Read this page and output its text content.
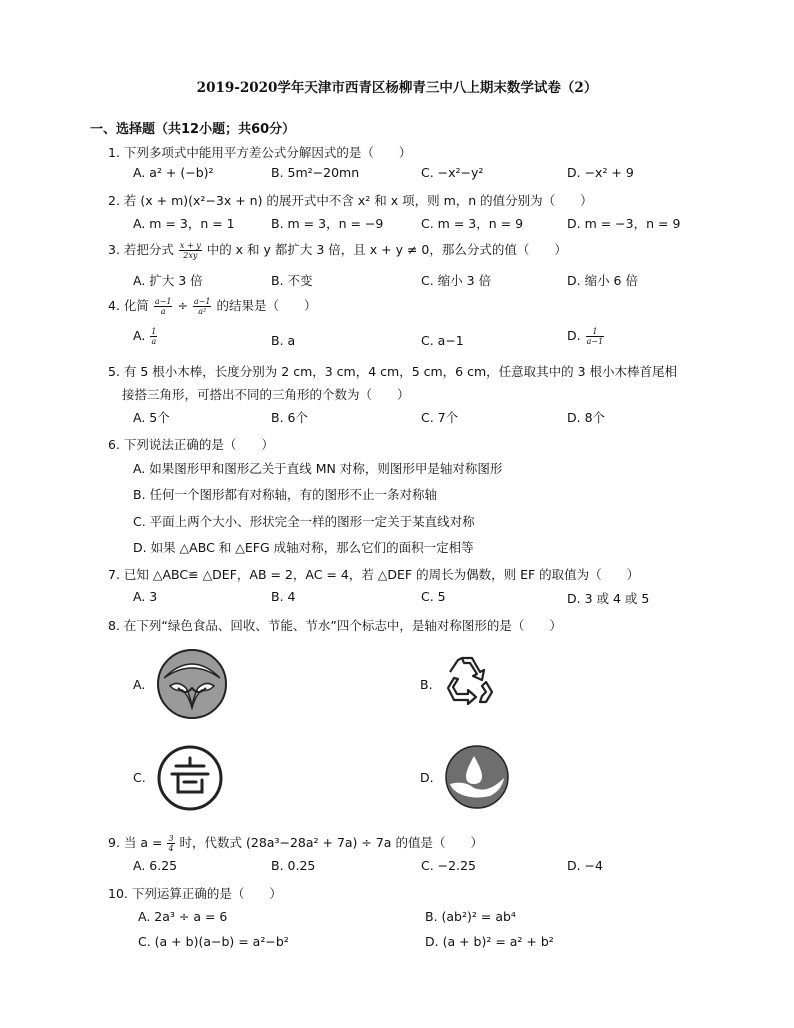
2019-2020学年天津市西青区杨柳青三中八上期末数学试卷（2）
一、选择题（共12小题；共60分）
1. 下列多项式中能用平方差公式分解因式的是（　　）
A. a² + (−b)²	B. 5m²−20mn	C. −x²−y²	D. −x² + 9
2. 若 (x + m)(x²−3x + n) 的展开式中不含 x² 和 x 项，则 m，n 的值分别为（　　）
A. m = 3，n = 1	B. m = 3，n = −9	C. m = 3，n = 9	D. m = −3，n = 9
3. 若把分式 $\frac{x + y}{2xy}$ 中的 x 和 y 都扩大 3 倍，且 x + y ≠ 0，那么分式的值（　　）
A. 扩大 3 倍	B. 不变	C. 缩小 3 倍	D. 缩小 6 倍
4. 化简 $\frac{a-1}{a} \div \frac{a-1}{\text{a²}}$ 的结果是（　　）
A. $\frac{1}{a}$	B. a	C. a−1	D. $\frac{1}{a-1}$
5. 有 5 根小木棒，长度分别为 2 cm，3 cm，4 cm，5 cm，6 cm，任意取其中的 3 根小木棒首尾相
接搭三角形，可搭出不同的三角形的个数为（　　）
A. 5个	B. 6个	C. 7个	D. 8个
6. 下列说法正确的是（　　）
A. 如果图形甲和图形乙关于直线 MN 对称，则图形甲是轴对称图形
B. 任何一个图形都有对称轴，有的图形不止一条对称轴
C. 平面上两个大小、形状完全一样的图形一定关于某直线对称
D. 如果 △ABC 和 △EFG 成轴对称，那么它们的面积一定相等
7. 已知 △ABC≌ △DEF，AB = 2，AC = 4，若 △DEF 的周长为偶数，则 EF 的取值为（　　）
A. 3	B. 4	C. 5	D. 3 或 4 或 5
8. 在下列“绿色食品、回收、节能、节水”四个标志中，是轴对称图形的是（　　）
A.	B.
C.	D.
9. 当 $a = \frac{3}{4}$ 时，代数式 (28a³−28a² + 7a) ÷ 7a 的值是（　　）
A. 6.25	B. 0.25	C. −2.25	D. −4
10. 下列运算正确的是（　　）
A. 2a³ ÷ a = 6	B. (ab²)² = ab⁴
C. (a + b)(a−b) = a²−b²	D. (a + b)² = a² + b²
